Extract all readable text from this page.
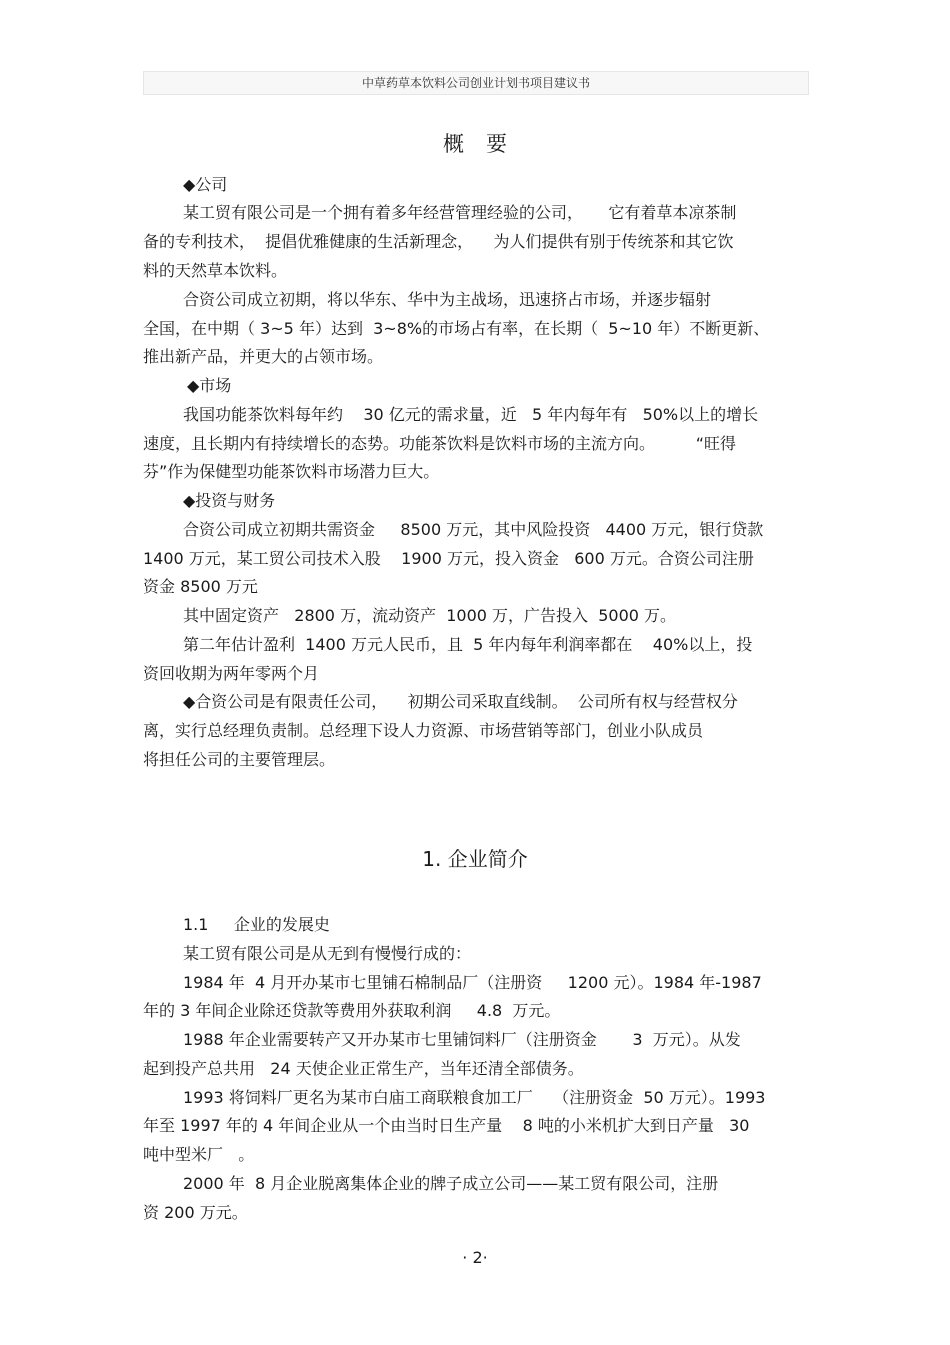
中草药草本饮料公司创业计划书项目建议书
概要
◆公司
某工贸有限公司是一个拥有着多年经营管理经验的公司，     它有着草本凉茶制
备的专利技术，  提倡优雅健康的生活新理念，    为人们提供有别于传统茶和其它饮
料的天然草本饮料。
合资公司成立初期，将以华东、华中为主战场，迅速挤占市场，并逐步辐射
全国，在中期（ 3~5 年）达到  3~8%的市场占有率，在长期（  5~10 年）不断更新、
推出新产品，并更大的占领市场。
◆市场
我国功能茶饮料每年约    30 亿元的需求量，近   5 年内每年有   50%以上的增长
速度，且长期内有持续增长的态势。功能茶饮料是饮料市场的主流方向。        “旺得
芬”作为保健型功能茶饮料市场潜力巨大。
◆投资与财务
合资公司成立初期共需资金     8500 万元，其中风险投资   4400 万元，银行贷款
1400 万元，某工贸公司技术入股    1900 万元，投入资金   600 万元。合资公司注册
资金 8500 万元
其中固定资产   2800 万，流动资产  1000 万，广告投入  5000 万。
第二年估计盈利  1400 万元人民币，且  5 年内每年利润率都在    40%以上，投
资回收期为两年零两个月
◆合资公司是有限责任公司，    初期公司采取直线制。  公司所有权与经营权分
离，实行总经理负责制。总经理下设人力资源、市场营销等部门，创业小队成员
将担任公司的主要管理层。
1. 企业简介
1.1     企业的发展史
某工贸有限公司是从无到有慢慢行成的：
1984 年  4 月开办某市七里铺石棉制品厂（注册资     1200 元）。1984 年-1987
年的 3 年间企业除还贷款等费用外获取利润     4.8  万元。
1988 年企业需要转产又开办某市七里铺饲料厂（注册资金       3  万元）。从发
起到投产总共用   24 天使企业正常生产，当年还清全部债务。
1993 将饲料厂更名为某市白庙工商联粮食加工厂    （注册资金  50 万元）。1993
年至 1997 年的 4 年间企业从一个由当时日生产量    8 吨的小米机扩大到日产量   30
吨中型米厂   。
2000 年  8 月企业脱离集体企业的牌子成立公司——某工贸有限公司，注册
资 200 万元。
· 2·
